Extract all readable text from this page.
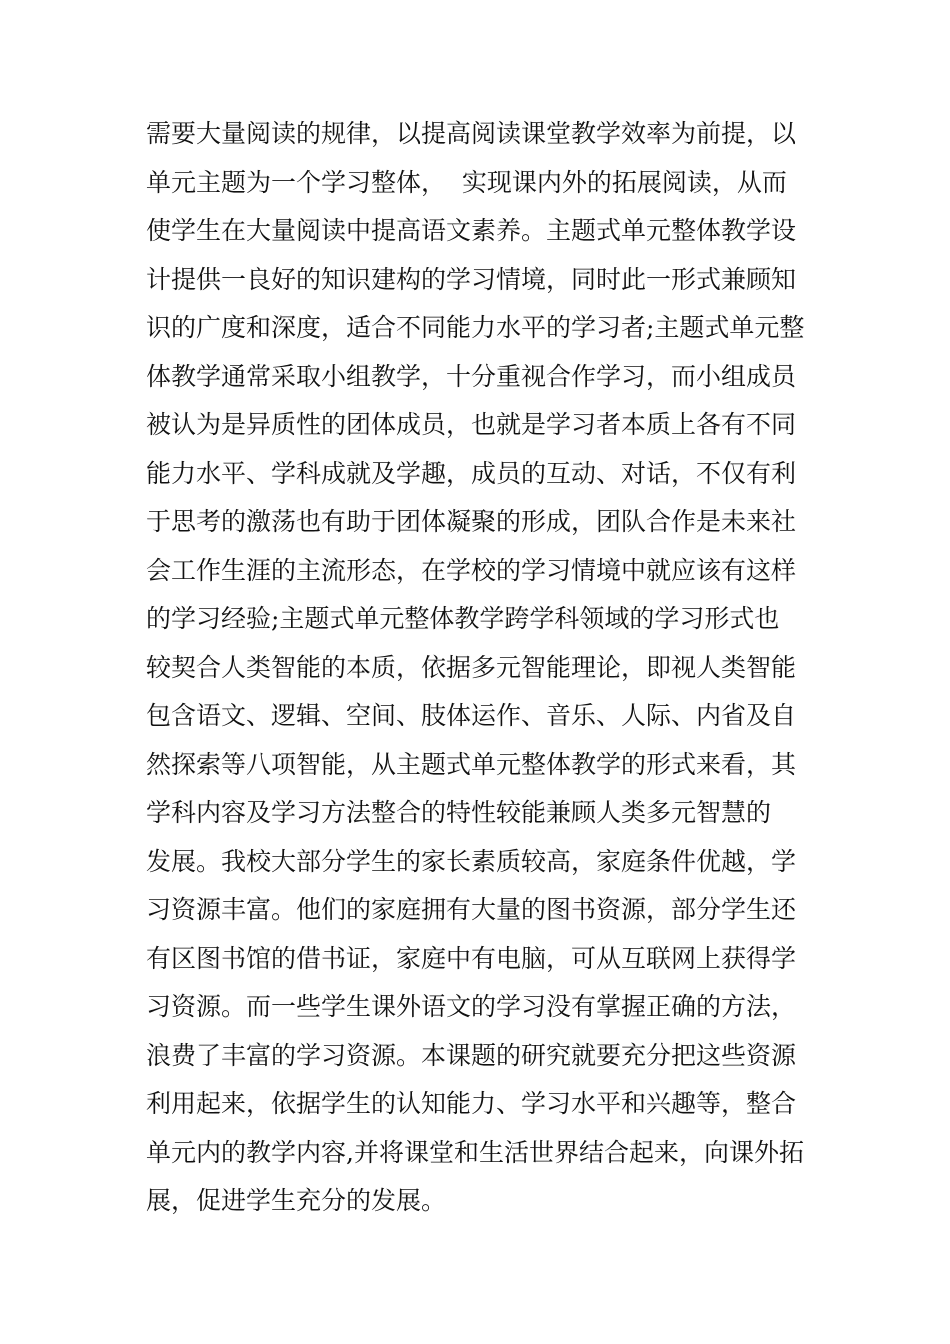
需要大量阅读的规律，以提高阅读课堂教学效率为前提，以
单元主题为一个学习整体，  实现课内外的拓展阅读，从而
使学生在大量阅读中提高语文素养。主题式单元整体教学设
计提供一良好的知识建构的学习情境，同时此一形式兼顾知
识的广度和深度，适合不同能力水平的学习者;主题式单元整
体教学通常采取小组教学，十分重视合作学习，而小组成员
被认为是异质性的团体成员，也就是学习者本质上各有不同
能力水平、学科成就及学趣，成员的互动、对话，不仅有利
于思考的激荡也有助于团体凝聚的形成，团队合作是未来社
会工作生涯的主流形态，在学校的学习情境中就应该有这样
的学习经验;主题式单元整体教学跨学科领域的学习形式也
较契合人类智能的本质，依据多元智能理论，即视人类智能
包含语文、逻辑、空间、肢体运作、音乐、人际、内省及自
然探索等八项智能，从主题式单元整体教学的形式来看，其
学科内容及学习方法整合的特性较能兼顾人类多元智慧的
发展。我校大部分学生的家长素质较高，家庭条件优越，学
习资源丰富。他们的家庭拥有大量的图书资源，部分学生还
有区图书馆的借书证，家庭中有电脑，可从互联网上获得学
习资源。而一些学生课外语文的学习没有掌握正确的方法，
浪费了丰富的学习资源。本课题的研究就要充分把这些资源
利用起来，依据学生的认知能力、学习水平和兴趣等，整合
单元内的教学内容,并将课堂和生活世界结合起来，向课外拓
展，促进学生充分的发展。
